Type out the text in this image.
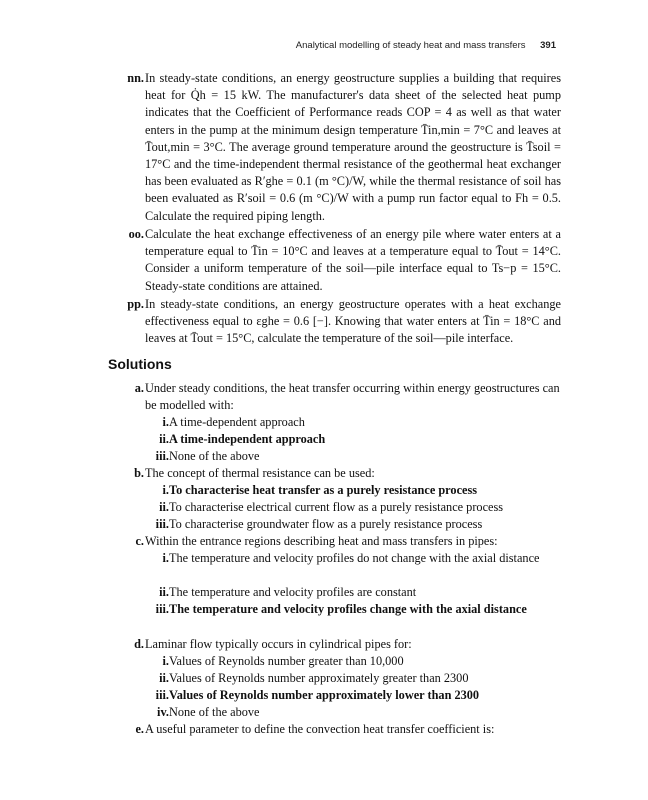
Analytical modelling of steady heat and mass transfers 391
nn. In steady-state conditions, an energy geostructure supplies a building that requires heat for Q̇h = 15 kW. The manufacturer's data sheet of the selected heat pump indicates that the Coefficient of Performance reads COP = 4 as well as that water enters in the pump at the minimum design temperature T̄in,min = 7°C and leaves at T̄out,min = 3°C. The average ground temperature around the geostructure is T̄soil = 17°C and the time-independent thermal resistance of the geothermal heat exchanger has been evaluated as R′ghe = 0.1 (m °C)/W, while the thermal resistance of soil has been evaluated as R′soil = 0.6 (m °C)/W with a pump run factor equal to Fh = 0.5. Calculate the required piping length.
oo. Calculate the heat exchange effectiveness of an energy pile where water enters at a temperature equal to T̄in = 10°C and leaves at a temperature equal to T̄out = 14°C. Consider a uniform temperature of the soil—pile interface equal to Ts−p = 15°C. Steady-state conditions are attained.
pp. In steady-state conditions, an energy geostructure operates with a heat exchange effectiveness equal to εghe = 0.6 [−]. Knowing that water enters at T̄in = 18°C and leaves at T̄out = 15°C, calculate the temperature of the soil—pile interface.
Solutions
a. Under steady conditions, the heat transfer occurring within energy geostructures can be modelled with:
i. A time-dependent approach
ii. A time-independent approach
iii. None of the above
b. The concept of thermal resistance can be used:
i. To characterise heat transfer as a purely resistance process
ii. To characterise electrical current flow as a purely resistance process
iii. To characterise groundwater flow as a purely resistance process
c. Within the entrance regions describing heat and mass transfers in pipes:
i. The temperature and velocity profiles do not change with the axial distance
ii. The temperature and velocity profiles are constant
iii. The temperature and velocity profiles change with the axial distance
d. Laminar flow typically occurs in cylindrical pipes for:
i. Values of Reynolds number greater than 10,000
ii. Values of Reynolds number approximately greater than 2300
iii. Values of Reynolds number approximately lower than 2300
iv. None of the above
e. A useful parameter to define the convection heat transfer coefficient is:
